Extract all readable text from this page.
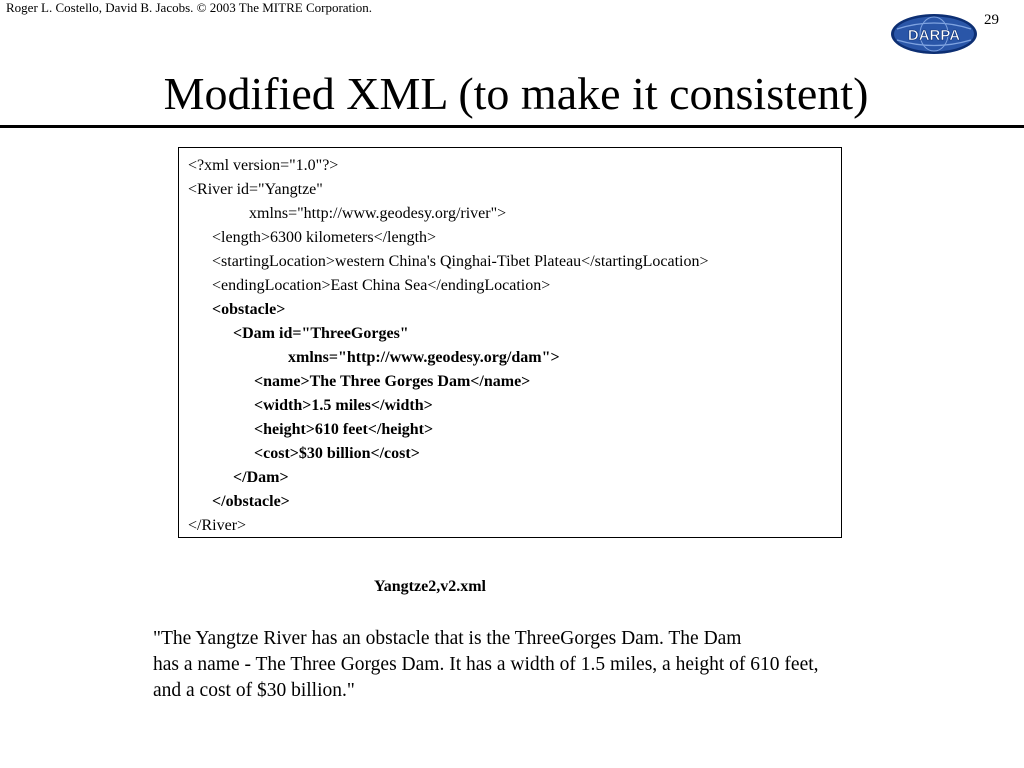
Roger L. Costello, David B. Jacobs. © 2003 The MITRE Corporation.
DARPA
29
Modified XML (to make it consistent)
<?xml version="1.0"?>
<River id="Yangtze"
xmlns="http://www.geodesy.org/river">
<length>6300 kilometers</length>
<startingLocation>western China's Qinghai-Tibet Plateau</startingLocation>
<endingLocation>East China Sea</endingLocation>
<obstacle>
<Dam id="ThreeGorges"
xmlns="http://www.geodesy.org/dam">
<name>The Three Gorges Dam</name>
<width>1.5 miles</width>
<height>610 feet</height>
<cost>$30 billion</cost>
</Dam>
</obstacle>
</River>
Yangtze2,v2.xml
"The Yangtze River has an obstacle that is the ThreeGorges Dam. The Dam
has a name - The Three Gorges Dam. It has a width of 1.5 miles, a height of 610 feet,
and a cost of $30 billion."
